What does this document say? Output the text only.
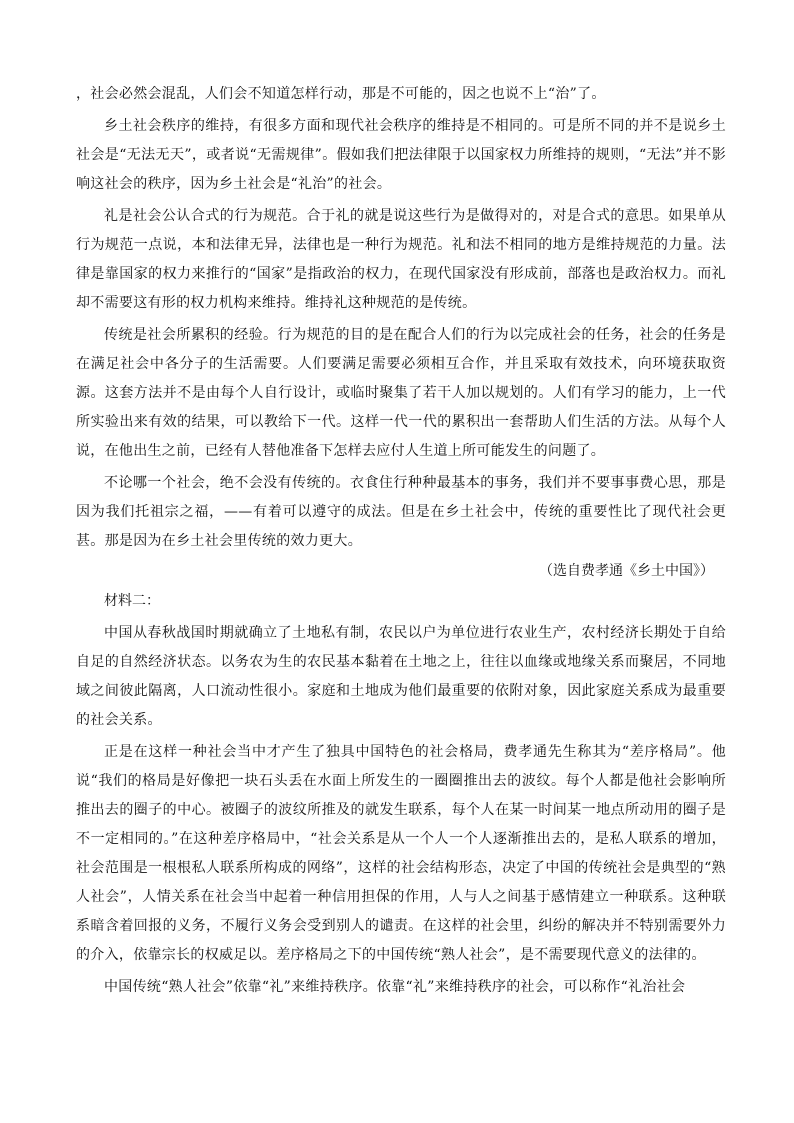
，社会必然会混乱，人们会不知道怎样行动，那是不可能的，因之也说不上“治”了。

乡土社会秩序的维持，有很多方面和现代社会秩序的维持是不相同的。可是所不同的并不是说乡土社会是“无法无天”，或者说“无需规律”。假如我们把法律限于以国家权力所维持的规则，“无法”并不影响这社会的秩序，因为乡土社会是“礼治”的社会。

礼是社会公认合式的行为规范。合于礼的就是说这些行为是做得对的，对是合式的意思。如果单从行为规范一点说，本和法律无异，法律也是一种行为规范。礼和法不相同的地方是维持规范的力量。法律是靠国家的权力来推行的“国家”是指政治的权力，在现代国家没有形成前，部落也是政治权力。而礼却不需要这有形的权力机构来维持。维持礼这种规范的是传统。

传统是社会所累积的经验。行为规范的目的是在配合人们的行为以完成社会的任务，社会的任务是在满足社会中各分子的生活需要。人们要满足需要必须相互合作，并且采取有效技术，向环境获取资源。这套方法并不是由每个人自行设计，或临时聚集了若干人加以规划的。人们有学习的能力，上一代所实验出来有效的结果，可以教给下一代。这样一代一代的累积出一套帮助人们生活的方法。从每个人说，在他出生之前，已经有人替他准备下怎样去应付人生道上所可能发生的问题了。

不论哪一个社会，绝不会没有传统的。衣食住行种种最基本的事务，我们并不要事事费心思，那是因为我们托祖宗之福，——有着可以遵守的成法。但是在乡土社会中，传统的重要性比了现代社会更甚。那是因为在乡土社会里传统的效力更大。

（选自费孝通《乡土中国》）

材料二：

中国从春秋战国时期就确立了土地私有制，农民以户为单位进行农业生产，农村经济长期处于自给自足的自然经济状态。以务农为生的农民基本黏着在土地之上，往往以血缘或地缘关系而聚居，不同地域之间彼此隔离，人口流动性很小。家庭和土地成为他们最重要的依附对象，因此家庭关系成为最重要的社会关系。

正是在这样一种社会当中才产生了独具中国特色的社会格局，费孝通先生称其为“差序格局”。他说“我们的格局是好像把一块石头丢在水面上所发生的一圈圈推出去的波纹。每个人都是他社会影响所推出去的圈子的中心。被圈子的波纹所推及的就发生联系，每个人在某一时间某一地点所动用的圈子是不一定相同的。”在这种差序格局中，“社会关系是从一个人一个人逐渐推出去的，是私人联系的增加，社会范围是一根根私人联系所构成的网络”，这样的社会结构形态，决定了中国的传统社会是典型的“熟人社会”，人情关系在社会当中起着一种信用担保的作用，人与人之间基于感情建立一种联系。这种联系暗含着回报的义务，不履行义务会受到别人的谴责。在这样的社会里，纠纷的解决并不特别需要外力的介入，依靠宗长的权威足以。差序格局之下的中国传统“熟人社会”，是不需要现代意义的法律的。

中国传统“熟人社会”依靠“礼”来维持秩序。依靠“礼”来维持秩序的社会，可以称作“礼治社会
